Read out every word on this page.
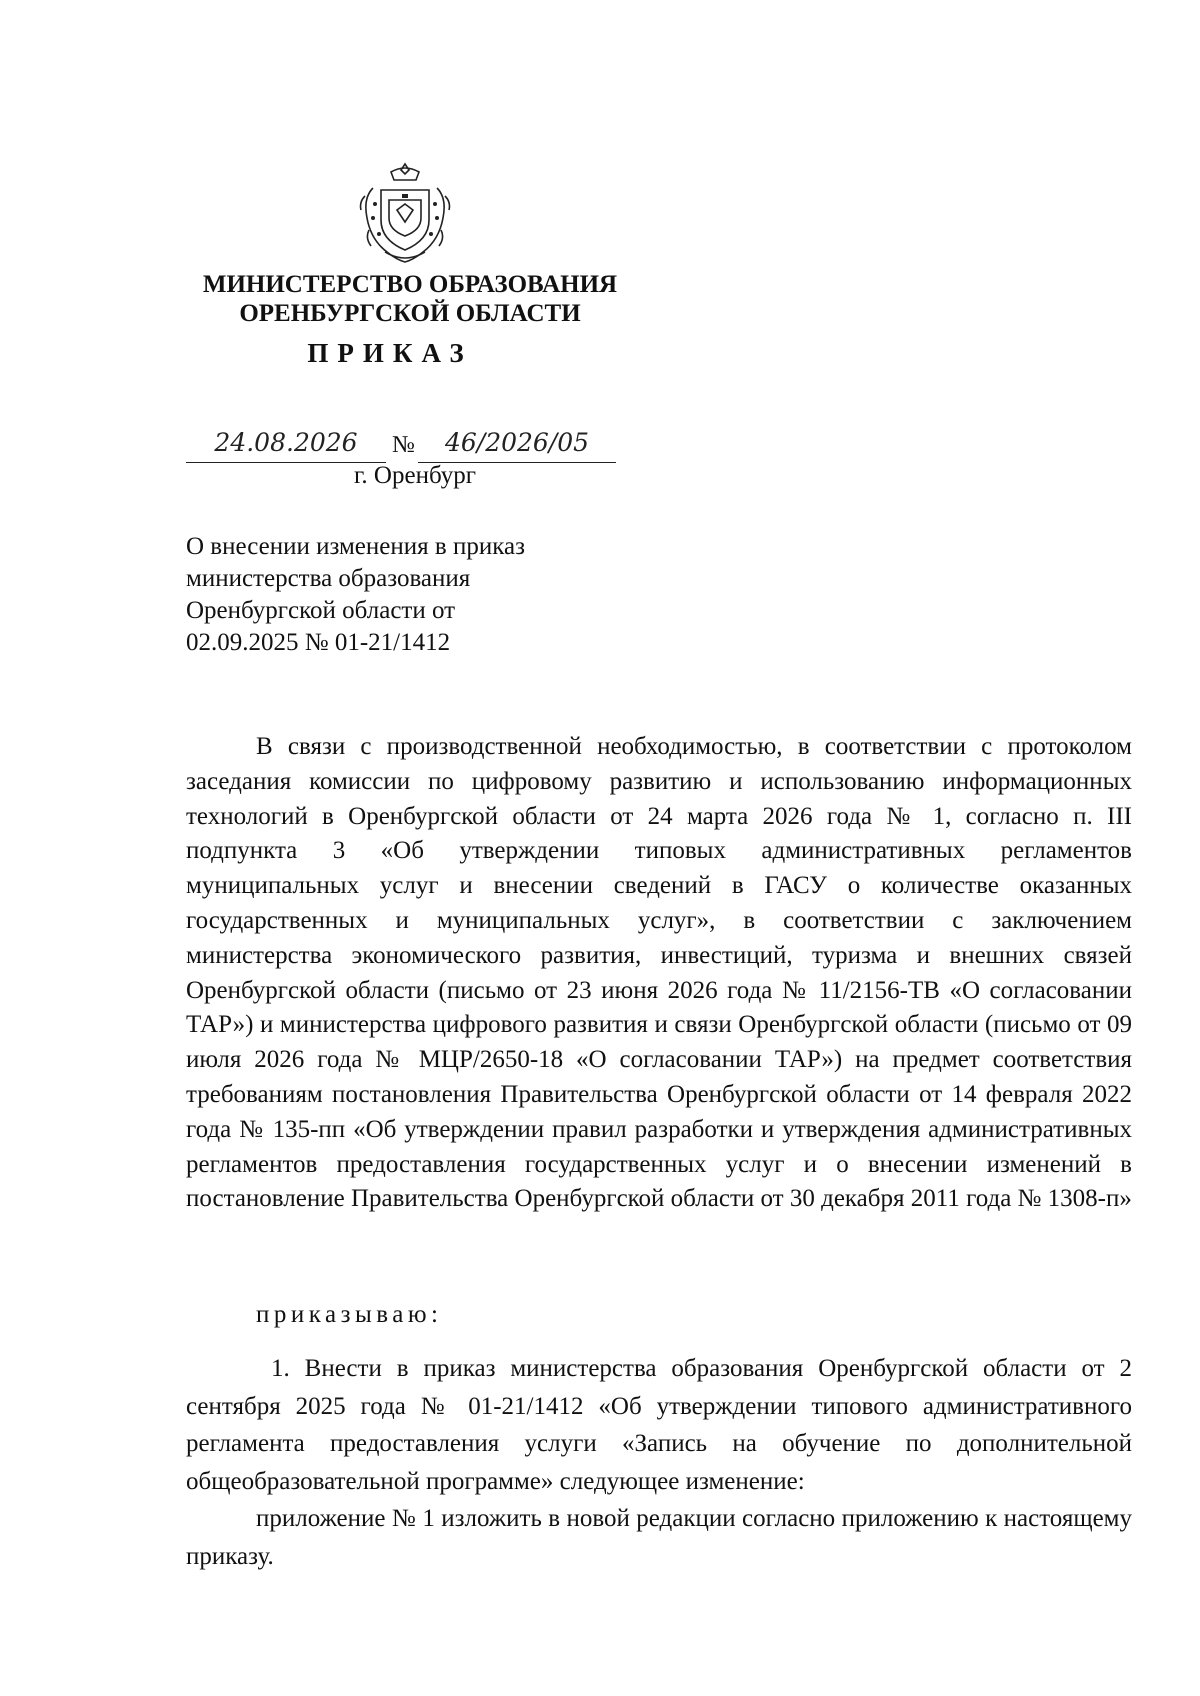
МИНИСТЕРСТВО ОБРАЗОВАНИЯ

ОРЕНБУРГСКОЙ ОБЛАСТИ

ПРИКАЗ

24.08.2026	№	46/2026/05
г. Оренбург
О внесении изменения в приказ
министерства образования
Оренбургской области от
02.09.2025 № 01-21/1412

В связи с производственной необходимостью, в соответствии с протоколом заседания комиссии по цифровому развитию и использованию информационных технологий в Оренбургской области от 24 марта 2026 года № 1, согласно п. III подпункта 3 «Об утверждении типовых административных регламентов муниципальных услуг и внесении сведений в ГАСУ о количестве оказанных государственных и муниципальных услуг», в соответствии с заключением министерства экономического развития, инвестиций, туризма и внешних связей Оренбургской области (письмо от 23 июня 2026 года № 11/2156-ТВ «О согласовании ТАР») и министерства цифрового развития и связи Оренбургской области (письмо от 09 июля 2026 года № МЦР/2650-18 «О согласовании ТАР») на предмет соответствия требованиям постановления Правительства Оренбургской области от 14 февраля 2022 года № 135-пп «Об утверждении правил разработки и утверждения административных регламентов предоставления государственных услуг и о внесении изменений в постановление Правительства Оренбургской области от 30 декабря 2011 года № 1308-п»

приказываю:

1. Внести в приказ министерства образования Оренбургской области от 2 сентября 2025 года № 01-21/1412 «Об утверждении типового административного регламента предоставления услуги «Запись на обучение по дополнительной общеобразовательной программе» следующее изменение:

приложение № 1 изложить в новой редакции согласно приложению к настоящему приказу.
